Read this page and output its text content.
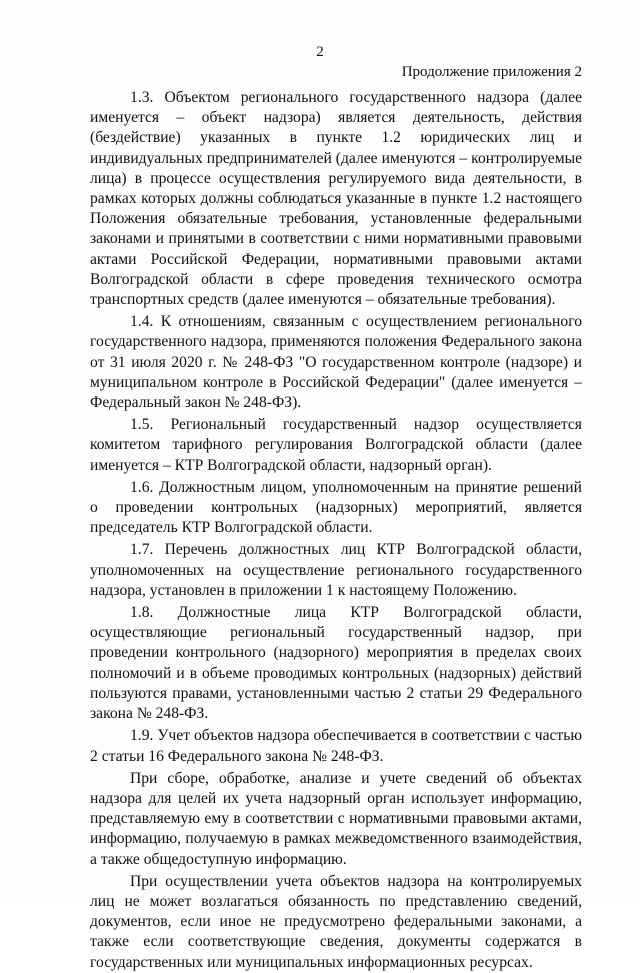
2
Продолжение приложения 2

1.3. Объектом регионального государственного надзора (далее именуется – объект надзора) является деятельность, действия (бездействие) указанных в пункте 1.2 юридических лиц и индивидуальных предпринимателей (далее именуются – контролируемые лица) в процессе осуществления регулируемого вида деятельности, в рамках которых должны соблюдаться указанные в пункте 1.2 настоящего Положения обязательные требования, установленные федеральными законами и принятыми в соответствии с ними нормативными правовыми актами Российской Федерации, нормативными правовыми актами Волгоградской области в сфере проведения технического осмотра транспортных средств (далее именуются – обязательные требования).

1.4. К отношениям, связанным с осуществлением регионального государственного надзора, применяются положения Федерального закона от 31 июля 2020 г. № 248-ФЗ "О государственном контроле (надзоре) и муниципальном контроле в Российской Федерации" (далее именуется – Федеральный закон № 248-ФЗ).

1.5. Региональный государственный надзор осуществляется комитетом тарифного регулирования Волгоградской области (далее именуется – КТР Волгоградской области, надзорный орган).

1.6. Должностным лицом, уполномоченным на принятие решений о проведении контрольных (надзорных) мероприятий, является председатель КТР Волгоградской области.

1.7. Перечень должностных лиц КТР Волгоградской области, уполномоченных на осуществление регионального государственного надзора, установлен в приложении 1 к настоящему Положению.

1.8. Должностные лица КТР Волгоградской области, осуществляющие региональный государственный надзор, при проведении контрольного (надзорного) мероприятия в пределах своих полномочий и в объеме проводимых контрольных (надзорных) действий пользуются правами, установленными частью 2 статьи 29 Федерального закона № 248-ФЗ.

1.9. Учет объектов надзора обеспечивается в соответствии с частью 2 статьи 16 Федерального закона № 248-ФЗ.

При сборе, обработке, анализе и учете сведений об объектах надзора для целей их учета надзорный орган использует информацию, представляемую ему в соответствии с нормативными правовыми актами, информацию, получаемую в рамках межведомственного взаимодействия, а также общедоступную информацию.

При осуществлении учета объектов надзора на контролируемых лиц не может возлагаться обязанность по представлению сведений, документов, если иное не предусмотрено федеральными законами, а также если соответствующие сведения, документы содержатся в государственных или муниципальных информационных ресурсах.
